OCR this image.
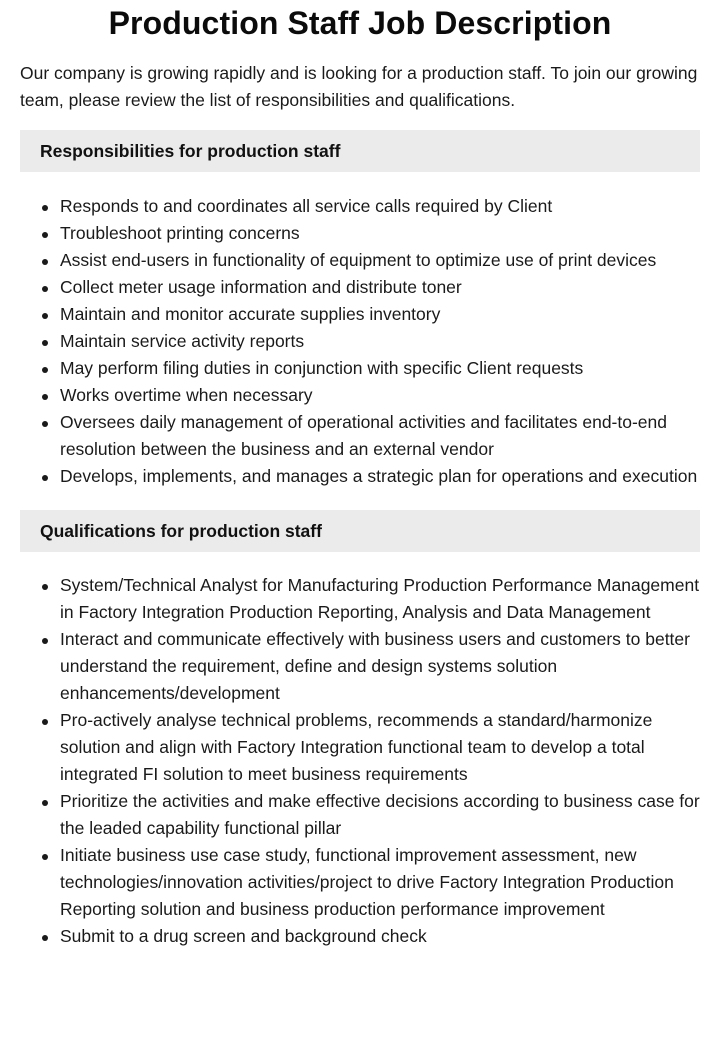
Production Staff Job Description

Our company is growing rapidly and is looking for a production staff. To join our growing team, please review the list of responsibilities and qualifications.

Responsibilities for production staff
Responds to and coordinates all service calls required by Client
Troubleshoot printing concerns
Assist end-users in functionality of equipment to optimize use of print devices
Collect meter usage information and distribute toner
Maintain and monitor accurate supplies inventory
Maintain service activity reports
May perform filing duties in conjunction with specific Client requests
Works overtime when necessary
Oversees daily management of operational activities and facilitates end-to-end resolution between the business and an external vendor
Develops, implements, and manages a strategic plan for operations and execution
Qualifications for production staff
System/Technical Analyst for Manufacturing Production Performance Management in Factory Integration Production Reporting, Analysis and Data Management
Interact and communicate effectively with business users and customers to better understand the requirement, define and design systems solution enhancements/development
Pro-actively analyse technical problems, recommends a standard/harmonize solution and align with Factory Integration functional team to develop a total integrated FI solution to meet business requirements
Prioritize the activities and make effective decisions according to business case for the leaded capability functional pillar
Initiate business use case study, functional improvement assessment, new technologies/innovation activities/project to drive Factory Integration Production Reporting solution and business production performance improvement
Submit to a drug screen and background check
